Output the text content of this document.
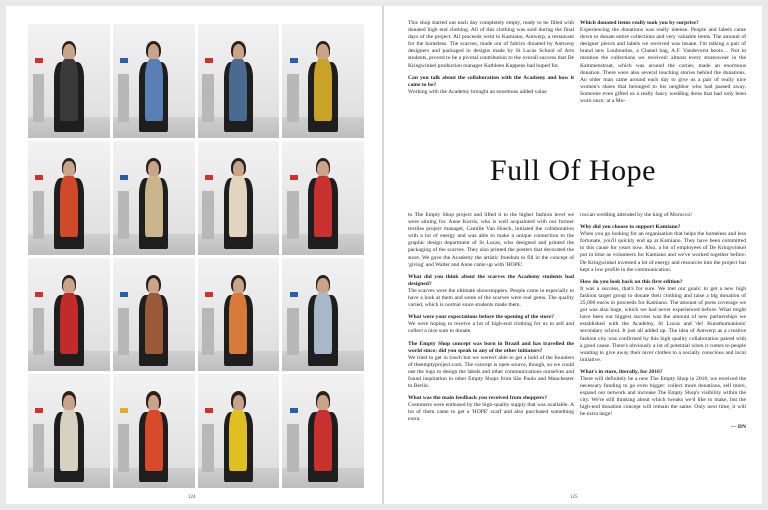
124

This shop started out each day completely empty, ready to be filled with donated high end clothing. All of this clothing was sold during the final days of the project. All proceeds went to Kamiano, Antwerp, a restaurant for the homeless. The scarves, made out of fabrics donated by Antwerp designers and packaged in designs made by St Lucas School of Arts students, proved to be a pivotal contribution to the overall success that De Kringwinkel production manager Kathleen Kuppens had hoped for.

Can you talk about the collaboration with the Academy and how it came to be?

Working with the Academy brought an enormous added value

Which donated items really took you by surprise?

Experiencing the donations was really intense. People and labels came down to donate entire collections and very valuable items. The amount of designer pieces and labels we received was insane. I'm talking a pair of brand new Louboutins, a Chanel bag, A.F. Vandevorst boots… Not to mention the collections we received: almost every storeowner in the Kammenstraat, which was around the corner, made an enormous donation. There were also several touching stories behind the donations. An older man came around each day to give us a pair of really nice women's shoes that belonged to his neighbor who had passed away. Someone even gifted us a really fancy wedding dress that had only been worn once: at a Mo-

Full Of Hope

to The Empty Shop project and lifted it to the higher fashion level we were aiming for. Anne Kurris, who is well acquainted with our former textiles project manager, Camille Van Hoeck, initiated the collaboration with a lot of energy and was able to make a unique connection to the graphic design department of St Lucas, who designed and printed the packaging of the scarves. They also printed the posters that decorated the store. We gave the Academy the artistic freedom to fill in the concept of 'giving' and Walter and Anne came up with 'HOPE'.

What did you think about the scarves the Academy students had designed?

The scarves were the ultimate showstoppers. People came in especially to have a look at them and some of the scarves were real gems. The quality varied, which is normal since students made them.

What were your expectations before the opening of the store?

We were hoping to receive a lot of high-end clothing for us to sell and collect a nice sum to donate.

The Empty Shop concept was born in Brazil and has travelled the world since; did you speak to any of the other initiators?

We tried to get in touch but we weren't able to get a hold of the founders of theemptyproject.com. The concept is open source, though, so we could use the logo to design the labels and other communications ourselves and found inspiration in other Empty Shops from São Paulo and Manchester to Berlin.

What was the main feedback you received from shoppers?

Customers were enthused by the high-quality supply that was available. A lot of them came to get a 'HOPE' scarf and also purchased something extra.

roccan wedding attended by the king of Morocco!

Why did you choose to support Kamiano?

When you go looking for an organisation that helps the homeless and less fortunate, you'll quickly end up at Kamiano. They have been committed to this cause for years now. Also, a lot of employees of De Kringwinkel put in time as volunteers for Kamiano and we've worked together before. De Kringwinkel invested a lot of energy and resources into the project but kept a low profile in the communication.

How do you look back on this first edition?

It was a success, that's for sure. We met our goals: to get a new high fashion target group to donate their clothing and raise a big donation of 25,000 euros in proceeds for Kamiano. The amount of press coverage we got was also huge, which we had never experienced before. What might have been our biggest success was the amount of new partnerships we established with the Academy, St Lucas and 'de! Kunsthumanions' secondary school. It just all added up. The idea of Antwerp as a creative fashion city was confirmed by this high quality collaboration paired with a good cause. There's obviously a lot of potential when it comes to people wanting to give away their nicer clothes to a socially conscious and local initiative.

What's in store, literally, for 2016?

There will definitely be a new The Empty Shop in 2016; we received the necessary funding to go even bigger: collect more donations, sell more, expand our network and increase The Empty Shop's visibility within the city. We're still thinking about which tweaks we'd like to make, but the high-end donation concept will remain the same. Only next time, it will be extra large!

— DN

125
